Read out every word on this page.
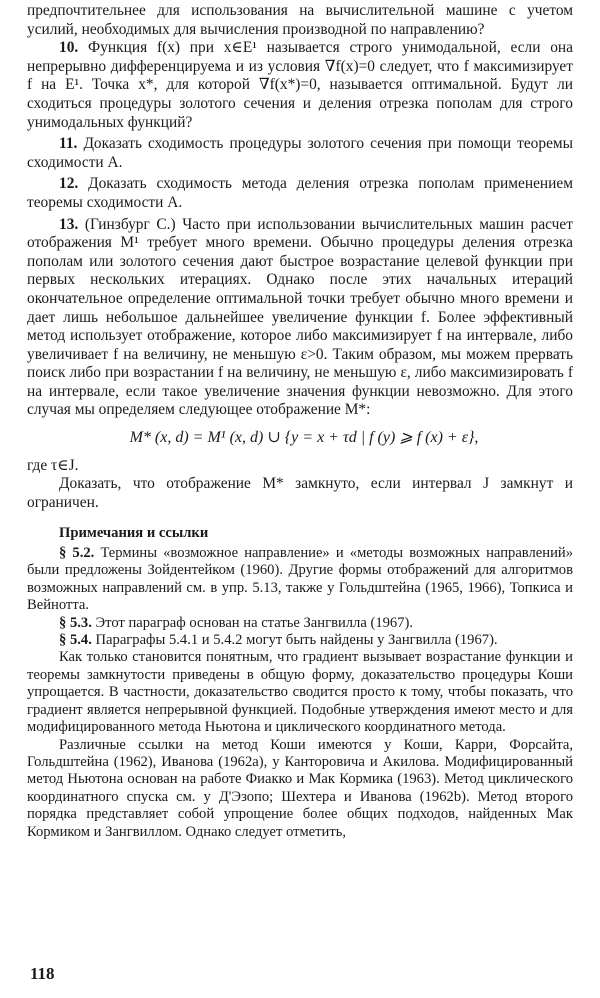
предпочтительнее для использования на вычислительной машине с учетом усилий, необходимых для вычисления производной по направлению?

10. Функция f(x) при x∈E¹ называется строго унимодальной, если она непрерывно дифференцируема и из условия ∇f(x)=0 следует, что f максимизирует f на E¹. Точка x*, для которой ∇f(x*)=0, называется оптимальной. Будут ли сходиться процедуры золотого сечения и деления отрезка пополам для строго унимодальных функций?

11. Доказать сходимость процедуры золотого сечения при помощи теоремы сходимости А.

12. Доказать сходимость метода деления отрезка пополам применением теоремы сходимости А.

13. (Гинзбург С.) Часто при использовании вычислительных машин расчет отображения M¹ требует много времени. Обычно процедуры деления отрезка пополам или золотого сечения дают быстрое возрастание целевой функции при первых нескольких итерациях. Однако после этих начальных итераций окончательное определение оптимальной точки требует обычно много времени и дает лишь небольшое дальнейшее увеличение функции f. Более эффективный метод использует отображение, которое либо максимизирует f на интервале, либо увеличивает f на величину, не меньшую ε>0. Таким образом, мы можем прервать поиск либо при возрастании f на величину, не меньшую ε, либо максимизировать f на интервале, если такое увеличение значения функции невозможно. Для этого случая мы определяем следующее отображение M*:

M* (x, d) = M¹ (x, d) ∪ {y = x + τd | f (y) ⩾ f (x) + ε},

где τ∈J.

Доказать, что отображение M* замкнуто, если интервал J замкнут и ограничен.

Примечания и ссылки

§ 5.2. Термины «возможное направление» и «методы возможных направлений» были предложены Зойдентейком (1960). Другие формы отображений для алгоритмов возможных направлений см. в упр. 5.13, также у Гольдштейна (1965, 1966), Топкиса и Вейнотта.

§ 5.3. Этот параграф основан на статье Зангвилла (1967).

§ 5.4. Параграфы 5.4.1 и 5.4.2 могут быть найдены у Зангвилла (1967).

Как только становится понятным, что градиент вызывает возрастание функции и теоремы замкнутости приведены в общую форму, доказательство процедуры Коши упрощается. В частности, доказательство сводится просто к тому, чтобы показать, что градиент является непрерывной функцией. Подобные утверждения имеют место и для модифицированного метода Ньютона и циклического координатного метода.

Различные ссылки на метод Коши имеются у Коши, Карри, Форсайта, Гольдштейна (1962), Иванова (1962a), у Канторовича и Акилова. Модифицированный метод Ньютона основан на работе Фиакко и Мак Кормика (1963). Метод циклического координатного спуска см. у Д'Эзопо; Шехтера и Иванова (1962b). Метод второго порядка представляет собой упрощение более общих подходов, найденных Мак Кормиком и Зангвиллом. Однако следует отметить,

118
